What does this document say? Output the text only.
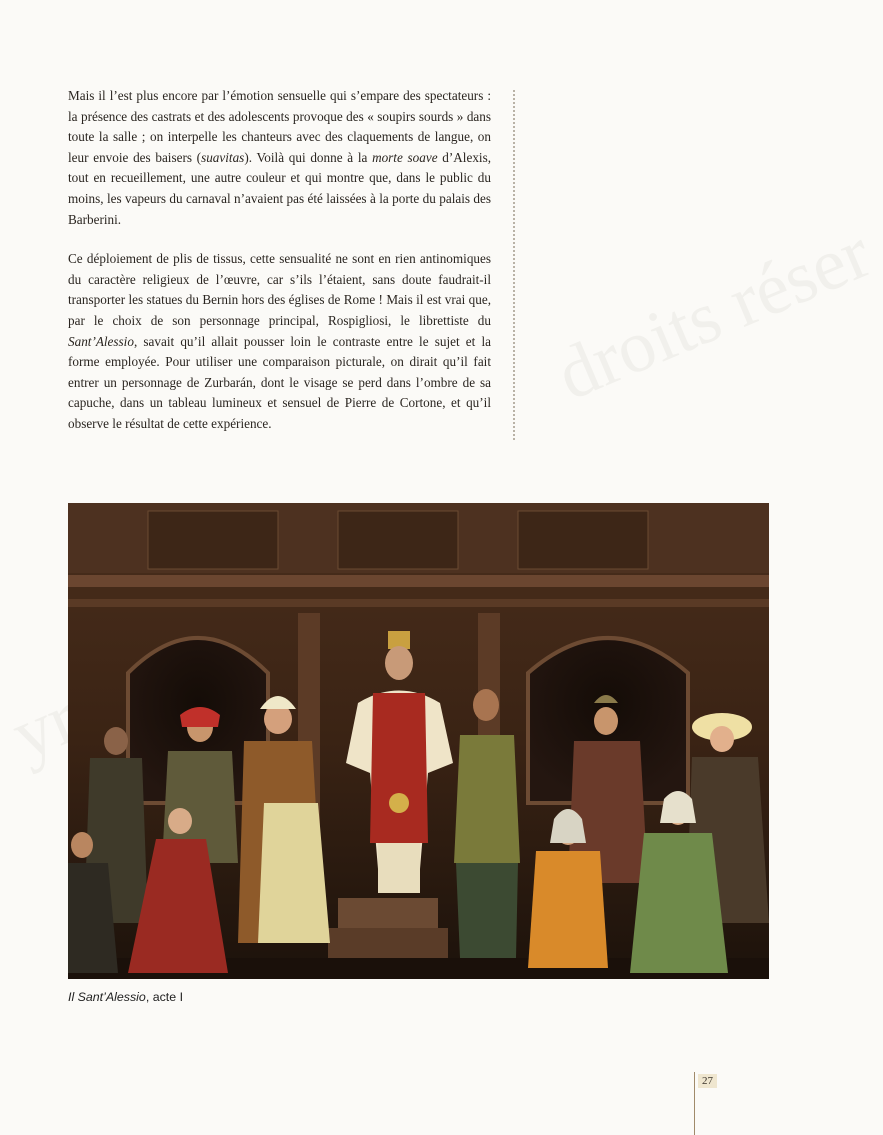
droits réser
yri

Mais il l’est plus encore par l’émotion sensuelle qui s’empare des spectateurs : la présence des castrats et des adolescents provoque des « soupirs sourds » dans toute la salle ; on interpelle les chanteurs avec des claquements de langue, on leur envoie des baisers (suavitas). Voilà qui donne à la morte soave d’Alexis, tout en recueillement, une autre couleur et qui montre que, dans le public du moins, les vapeurs du carnaval n’avaient pas été laissées à la porte du palais des Barberini.

Ce déploiement de plis de tissus, cette sensualité ne sont en rien antinomiques du caractère religieux de l’œuvre, car s’ils l’étaient, sans doute faudrait-il transporter les statues du Bernin hors des églises de Rome ! Mais il est vrai que, par le choix de son personnage principal, Rospigliosi, le librettiste du Sant’Alessio, savait qu’il allait pousser loin le contraste entre le sujet et la forme employée. Pour utiliser une comparaison picturale, on dirait qu’il fait entrer un personnage de Zurbarán, dont le visage se perd dans l’ombre de sa capuche, dans un tableau lumineux et sensuel de Pierre de Cortone, et qu’il observe le résultat de cette expérience.

Il Sant’Alessio, acte I
27
